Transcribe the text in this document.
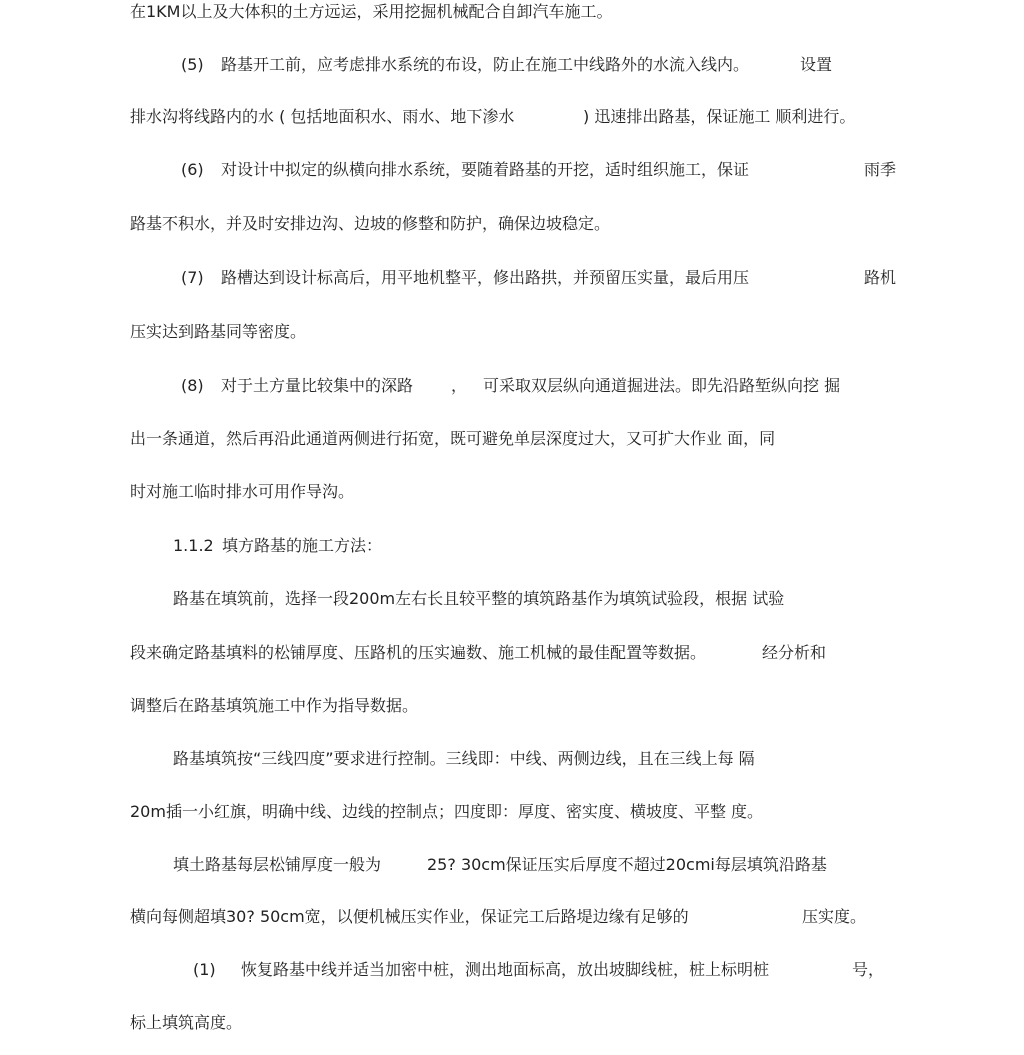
在1KM以上及大体积的土方远运，采用挖掘机械配合自卸汽车施工。
(5) 路基开工前，应考虑排水系统的布设，防止在施工中线路外的水流入线内。	设置
排水沟将线路内的水 ( 包括地面积水、雨水、地下渗水	) 迅速排出路基，保证施工 顺利进行。
(6) 对设计中拟定的纵横向排水系统，要随着路基的开挖，适时组织施工，保证	雨季
路基不积水，并及时安排边沟、边坡的修整和防护，确保边坡稳定。
(7) 路槽达到设计标高后，用平地机整平，修出路拱，并预留压实量，最后用压	路机
压实达到路基同等密度。
(8) 对于土方量比较集中的深路 ， 可采取双层纵向通道掘进法。即先沿路堑纵向挖 掘
出一条通道，然后再沿此通道两侧进行拓宽，既可避免单层深度过大，又可扩大作业 面，同
时对施工临时排水可用作导沟。
1.1.2 填方路基的施工方法：
路基在填筑前，选择一段200m左右长且较平整的填筑路基作为填筑试验段，根据 试验
段来确定路基填料的松铺厚度、压路机的压实遍数、施工机械的最佳配置等数据。	经分析和
调整后在路基填筑施工中作为指导数据。
路基填筑按“三线四度”要求进行控制。三线即：中线、两侧边线，且在三线上每 隔
20m插一小红旗，明确中线、边线的控制点；四度即：厚度、密实度、横坡度、平整 度。
填土路基每层松铺厚度一般为	25? 30cm保证压实后厚度不超过20cmi每层填筑沿路基
横向每侧超填30? 50cm宽，以便机械压实作业，保证完工后路堤边缘有足够的	压实度。
(1) 恢复路基中线并适当加密中桩，测出地面标高，放出坡脚线桩，桩上标明桩	号，
标上填筑高度。
